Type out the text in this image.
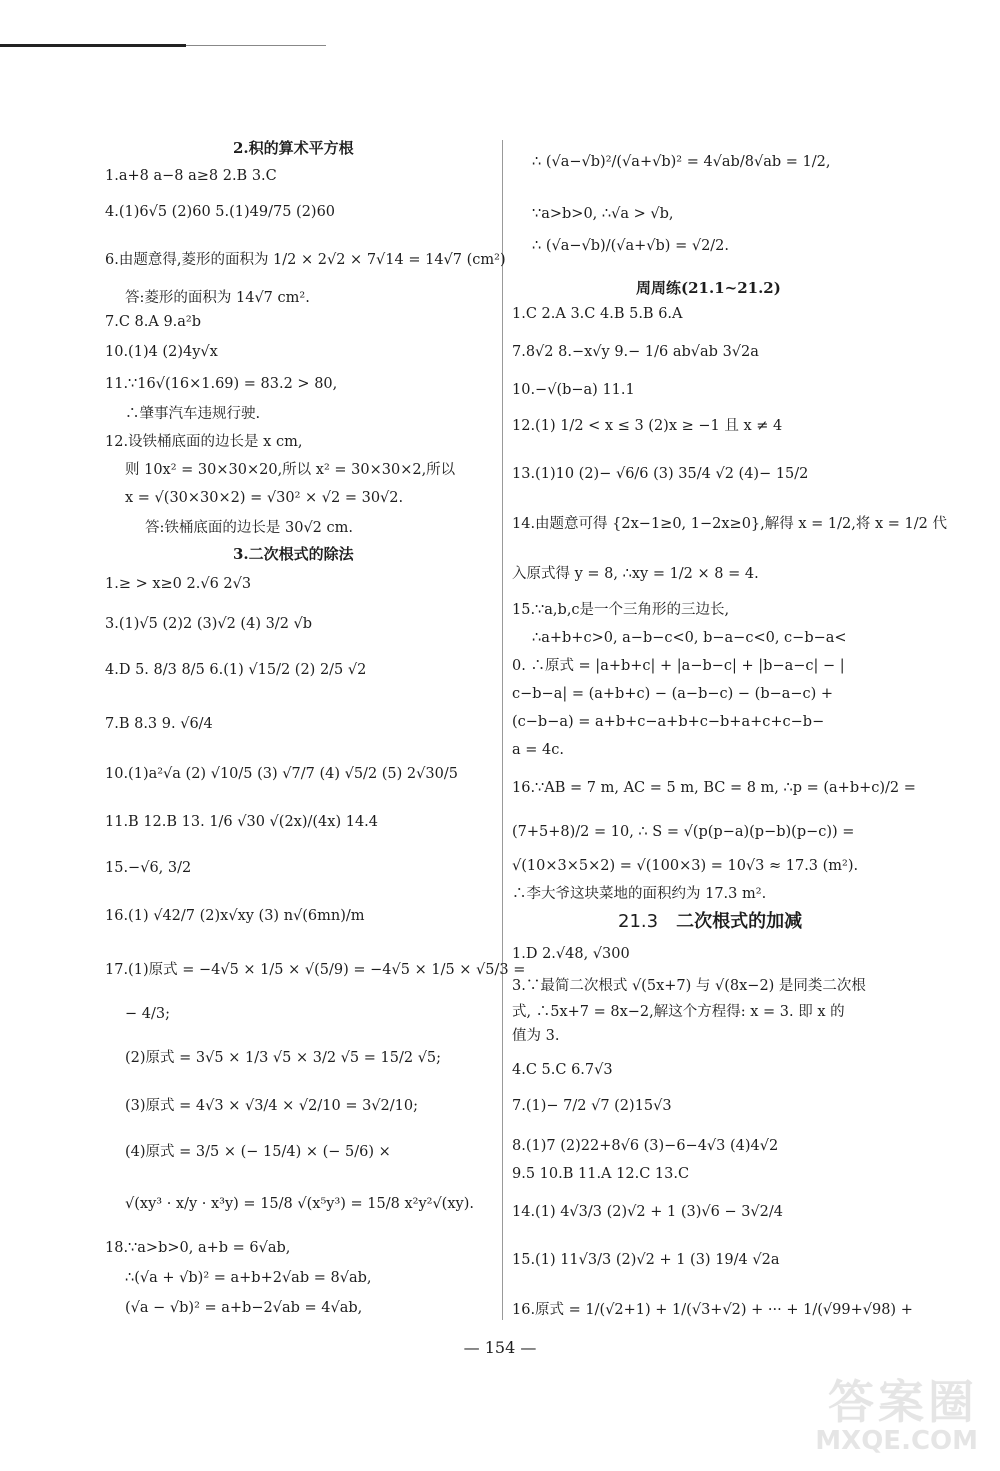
2.积的算术平方根
1.a+8 a−8 a≥8 2.B 3.C
4.(1)6√5 (2)60 5.(1)49/75 (2)60
6.由题意得,菱形的面积为 1/2 × 2√2 × 7√14 = 14√7 (cm²)
答:菱形的面积为 14√7 cm².
7.C 8.A 9.a²b
10.(1)4 (2)4y√x
11.∵16√(16×1.69) = 83.2 > 80,
∴肇事汽车违规行驶.
12.设铁桶底面的边长是 x cm,
则 10x² = 30×30×20,所以 x² = 30×30×2,所以
x = √(30×30×2) = √30² × √2 = 30√2.
答:铁桶底面的边长是 30√2 cm.
3.二次根式的除法
1.≥ > x≥0 2.√6 2√3
3.(1)√5 (2)2 (3)√2 (4) 3/2 √b
4.D 5. 8/3 8/5 6.(1) √15/2 (2) 2/5 √2
7.B 8.3 9. √6/4
10.(1)a²√a (2) √10/5 (3) √7/7 (4) √5/2 (5) 2√30/5
11.B 12.B 13. 1/6 √30 √(2x)/(4x) 14.4
15.−√6, 3/2
16.(1) √42/7 (2)x√xy (3) n√(6mn)/m
17.(1)原式 = −4√5 × 1/5 × √(5/9) = −4√5 × 1/5 × √5/3 =
− 4/3;
(2)原式 = 3√5 × 1/3 √5 × 3/2 √5 = 15/2 √5;
(3)原式 = 4√3 × √3/4 × √2/10 = 3√2/10;
(4)原式 = 3/5 × (− 15/4) × (− 5/6) ×
√(xy³ · x/y · x³y) = 15/8 √(x⁵y³) = 15/8 x²y²√(xy).
18.∵a>b>0, a+b = 6√ab,
∴(√a + √b)² = a+b+2√ab = 8√ab,
(√a − √b)² = a+b−2√ab = 4√ab,
∴ (√a−√b)²/(√a+√b)² = 4√ab/8√ab = 1/2,
∵a>b>0, ∴√a > √b,
∴ (√a−√b)/(√a+√b) = √2/2.
周周练(21.1~21.2)
1.C 2.A 3.C 4.B 5.B 6.A
7.8√2 8.−x√y 9.− 1/6 ab√ab 3√2a
10.−√(b−a) 11.1
12.(1) 1/2 < x ≤ 3 (2)x ≥ −1 且 x ≠ 4
13.(1)10 (2)− √6/6 (3) 35/4 √2 (4)− 15/2
14.由题意可得 {2x−1≥0, 1−2x≥0},解得 x = 1/2,将 x = 1/2 代
入原式得 y = 8, ∴xy = 1/2 × 8 = 4.
15.∵a,b,c是一个三角形的三边长,
∴a+b+c>0, a−b−c<0, b−a−c<0, c−b−a<
0. ∴原式 = |a+b+c| + |a−b−c| + |b−a−c| − |
c−b−a| = (a+b+c) − (a−b−c) − (b−a−c) +
(c−b−a) = a+b+c−a+b+c−b+a+c+c−b−
a = 4c.
16.∵AB = 7 m, AC = 5 m, BC = 8 m, ∴p = (a+b+c)/2 =
(7+5+8)/2 = 10, ∴ S = √(p(p−a)(p−b)(p−c)) =
√(10×3×5×2) = √(100×3) = 10√3 ≈ 17.3 (m²).
∴李大爷这块菜地的面积约为 17.3 m².
21.3 二次根式的加减
1.D 2.√48, √300
3.∵最简二次根式 √(5x+7) 与 √(8x−2) 是同类二次根
式, ∴5x+7 = 8x−2,解这个方程得: x = 3. 即 x 的
值为 3.
4.C 5.C 6.7√3
7.(1)− 7/2 √7 (2)15√3
8.(1)7 (2)22+8√6 (3)−6−4√3 (4)4√2
9.5 10.B 11.A 12.C 13.C
14.(1) 4√3/3 (2)√2 + 1 (3)√6 − 3√2/4
15.(1) 11√3/3 (2)√2 + 1 (3) 19/4 √2a
16.原式 = 1/(√2+1) + 1/(√3+√2) + ··· + 1/(√99+√98) +
— 154 —
答案圈
MXQE.COM
